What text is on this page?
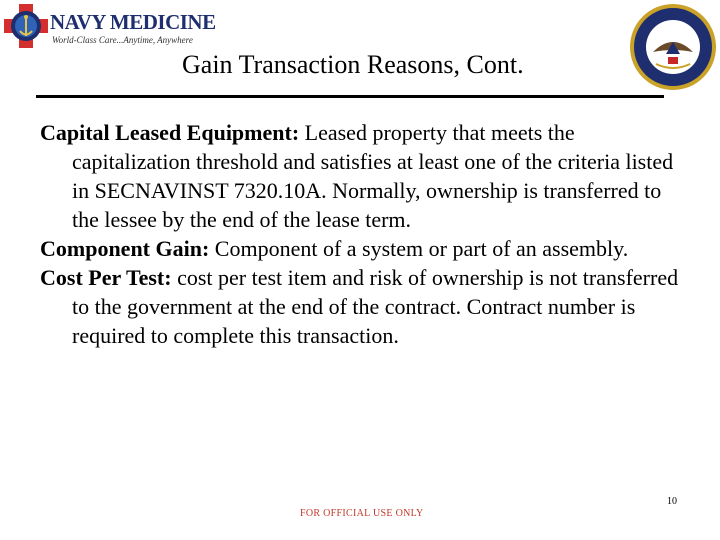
NAVY MEDICINE
World-Class Care...Anytime, Anywhere
Gain Transaction Reasons, Cont.

Capital Leased Equipment: Leased property that meets the capitalization threshold and satisfies at least one of the criteria listed in SECNAVINST 7320.10A. Normally, ownership is transferred to the lessee by the end of the lease term.

Component Gain: Component of a system or part of an assembly.

Cost Per Test: cost per test item and risk of ownership is not transferred to the government at the end of the contract. Contract number is required to complete this transaction.

10
FOR OFFICIAL USE ONLY
